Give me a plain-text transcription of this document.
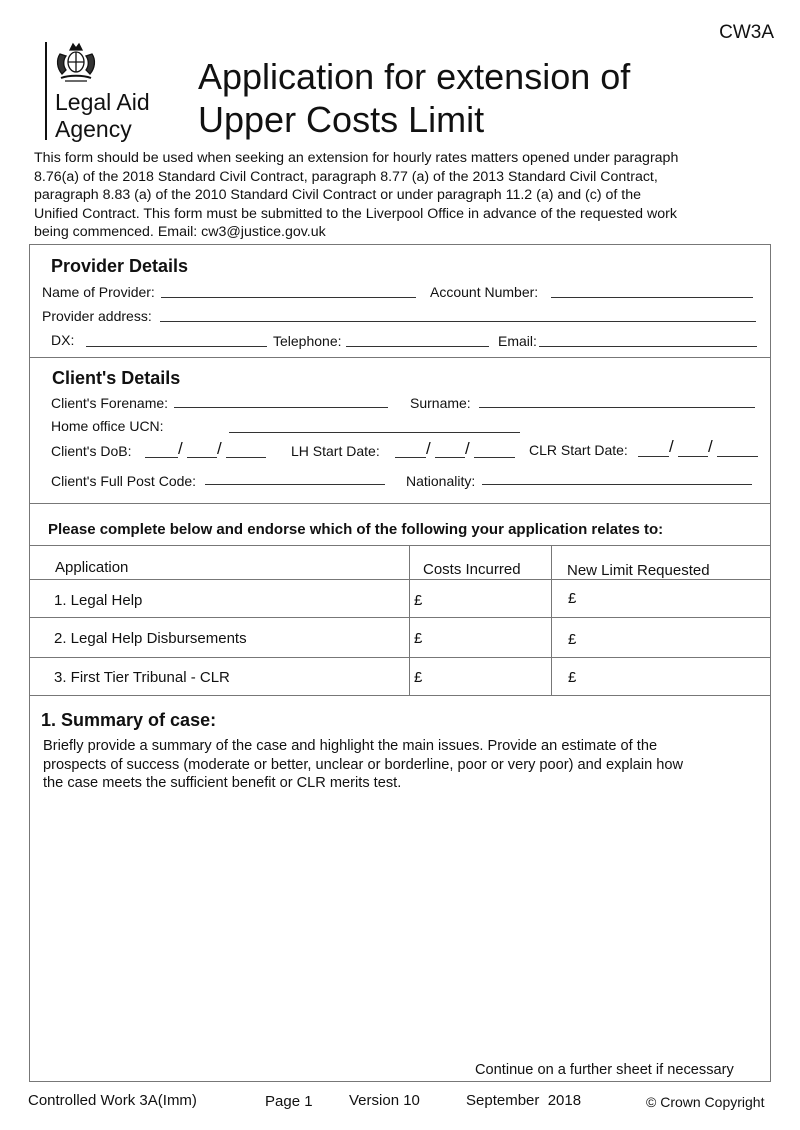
CW3A
Legal Aid
Agency
Application for extension of
Upper Costs Limit
This form should be used when seeking an extension for hourly rates matters opened under paragraph
8.76(a) of the 2018 Standard Civil Contract, paragraph 8.77 (a) of the 2013 Standard Civil Contract,
paragraph 8.83 (a) of the 2010 Standard Civil Contract or under paragraph 11.2 (a) and (c) of the
Unified Contract. This form must be submitted to the Liverpool Office in advance of the requested work
being commenced. Email: cw3@justice.gov.uk
Provider Details
Name of Provider:	Account Number:
Provider address:
DX:	Telephone:	Email:
Client's Details
Client's Forename:	Surname:
Home office UCN:
Client's DoB:	/ /	LH Start Date:	/ /	CLR Start Date: / /
Client's Full Post Code:	Nationality:
Please complete below and endorse which of the following your application relates to:
Application	Costs Incurred	New Limit Requested
1. Legal Help	£	£
2. Legal Help Disbursements	£	£
3. First Tier Tribunal - CLR	£	£
1. Summary of case:
Briefly provide a summary of the case and highlight the main issues. Provide an estimate of the
prospects of success (moderate or better, unclear or borderline, poor or very poor) and explain how
the case meets the sufficient benefit or CLR merits test.
Continue on a further sheet if necessary
Controlled Work 3A(Imm)	Page 1 Version 10	September  2018	© Crown Copyright
